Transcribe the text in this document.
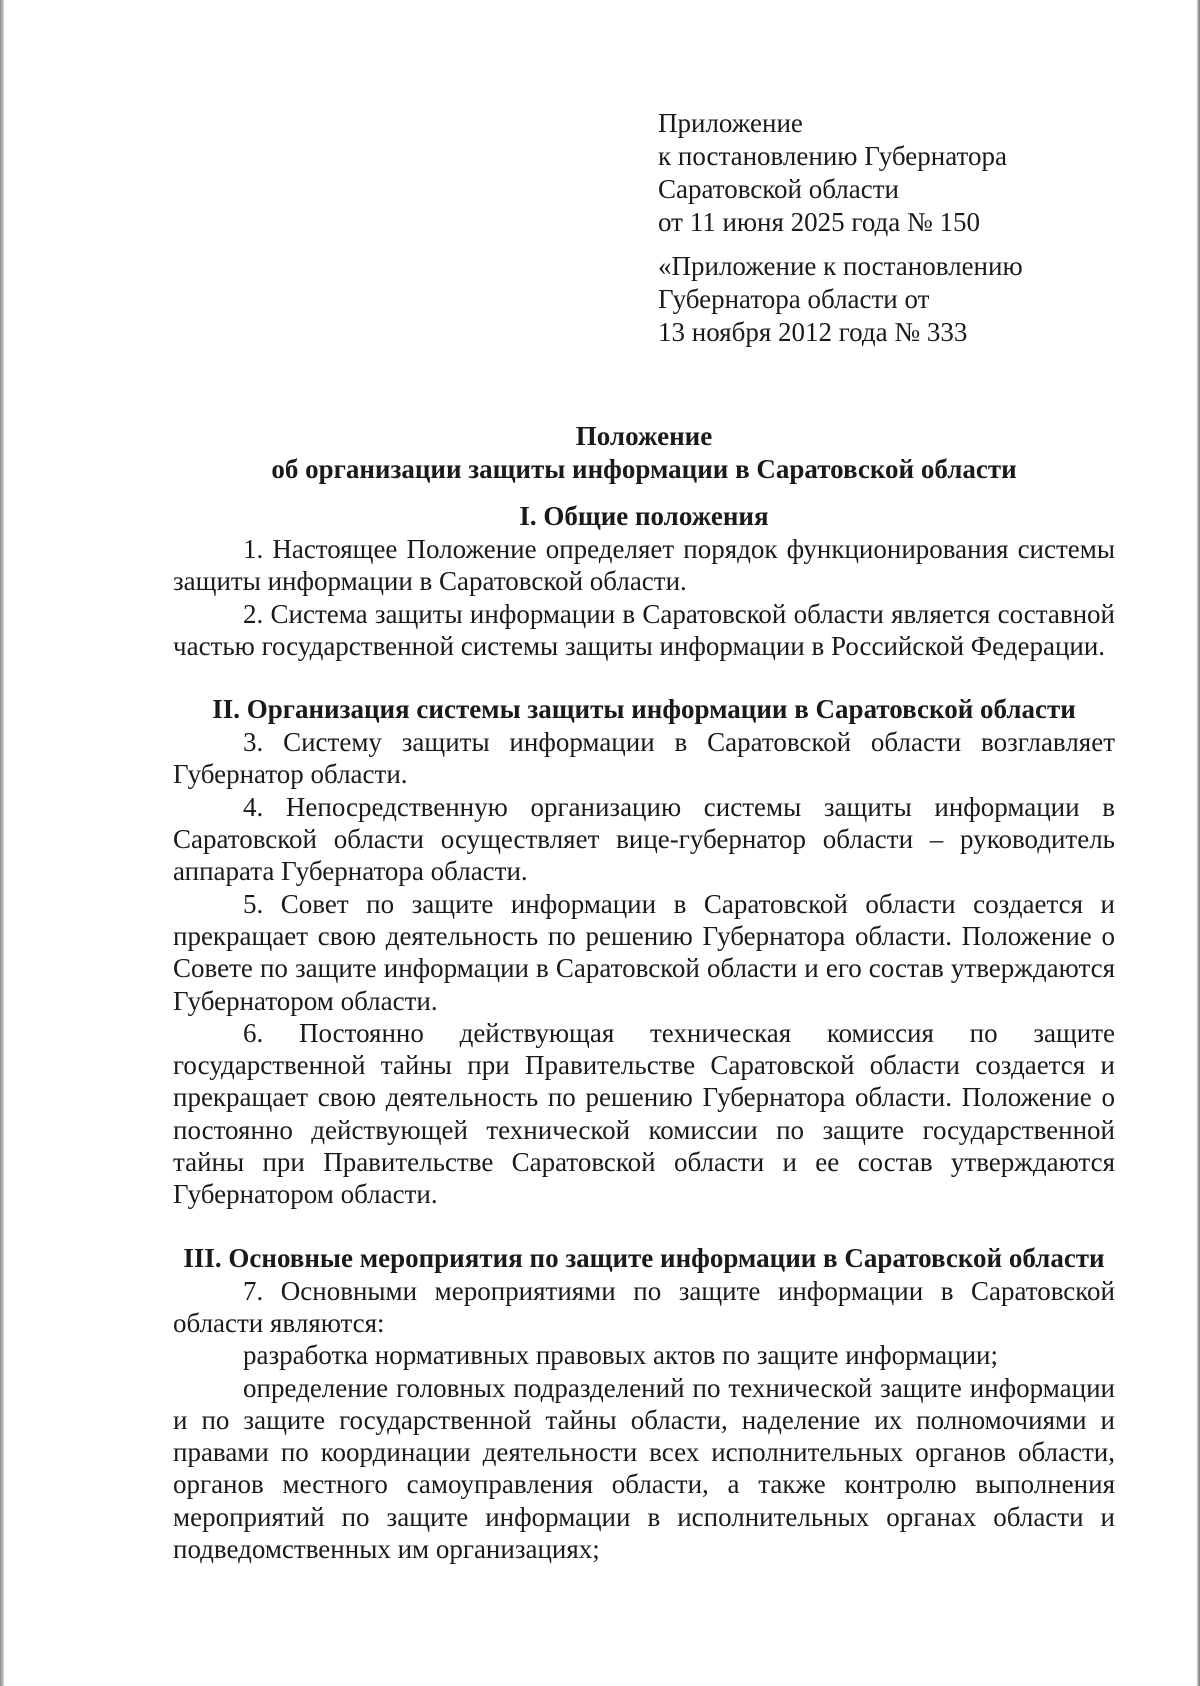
Приложение
к постановлению Губернатора
Саратовской области
от 11 июня 2025 года № 150
«Приложение к постановлению
Губернатора области от
13 ноября 2012 года № 333
Положение
об организации защиты информации в Саратовской области
I. Общие положения

1. Настоящее Положение определяет порядок функционирования системы защиты информации в Саратовской области.

2. Система защиты информации в Саратовской области является составной частью государственной системы защиты информации в Российской Федерации.

II. Организация системы защиты информации в Саратовской области

3. Систему защиты информации в Саратовской области возглавляет Губернатор области.

4. Непосредственную организацию системы защиты информации в Саратовской области осуществляет вице-губернатор области – руководитель аппарата Губернатора области.

5. Совет по защите информации в Саратовской области создается и прекращает свою деятельность по решению Губернатора области. Положение о Совете по защите информации в Саратовской области и его состав утверждаются Губернатором области.

6. Постоянно действующая техническая комиссия по защите государственной тайны при Правительстве Саратовской области создается и прекращает свою деятельность по решению Губернатора области. Положение о постоянно действующей технической комиссии по защите государственной тайны при Правительстве Саратовской области и ее состав утверждаются Губернатором области.

III. Основные мероприятия по защите информации в Саратовской области

7. Основными мероприятиями по защите информации в Саратовской области являются:

разработка нормативных правовых актов по защите информации;

определение головных подразделений по технической защите информации и по защите государственной тайны области, наделение их полномочиями и правами по координации деятельности всех исполнительных органов области, органов местного самоуправления области, а также контролю выполнения мероприятий по защите информации в исполнительных органах области и подведомственных им организациях;
